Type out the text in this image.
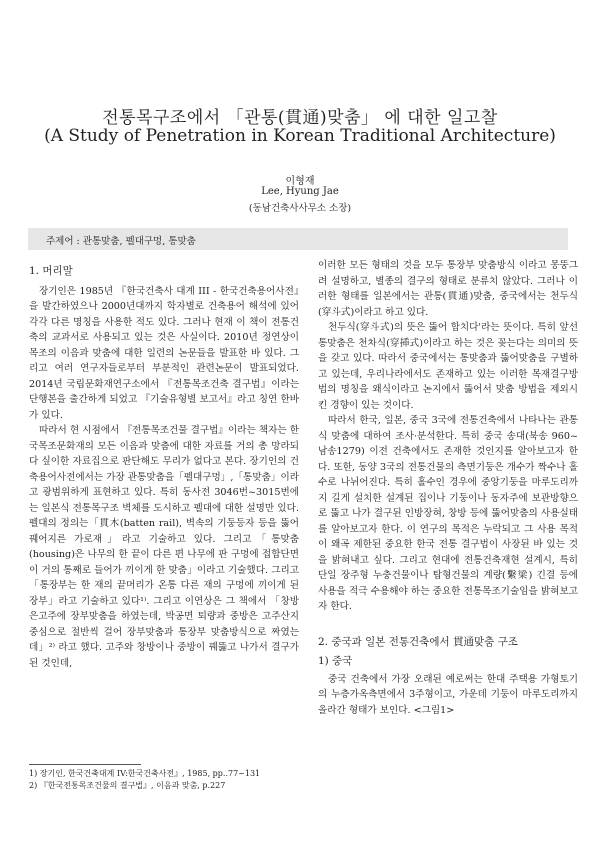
전통목구조에서 「관통(貫通)맞춤」 에 대한 일고찰
(A Study of Penetration in Korean Traditional Architecture)
이형재
Lee, Hyung Jae
(동남건축사사무소 소장)
주제어 : 관통맞춤, 펠대구멍, 통맞춤
1. 머리말

장기인은 1985년 『한국건축사 대계 III - 한국건축용어사전』을 발간하였으나 2000년대까지 학자별로 건축용어 해석에 있어 각각 다른 명칭을 사용한 적도 있다. 그러나 현재 이 책이 전통건축의 교과서로 사용되고 있는 것은 사실이다. 2010년 정연상이 목조의 이음과 맞춤에 대한 일련의 논문들을 발표한 바 있다. 그리고 여러 연구자들로부터 부분적인 관련논문이 발표되었다. 2014년 국립문화재연구소에서 『전통목조건축 결구법』이라는 단행본을 출간하게 되었고 『기술유형별 보고서』라고 칭연 한바가 있다.

따라서 현 시점에서 『전통목조건물 결구법』이라는 책자는 한국목조문화재의 모든 이음과 맞춤에 대한 자료를 거의 총 망라되다 싶이한 자료집으로 판단해도 무리가 없다고 본다. 장기인의 건축용어사전에서는 가장 관통맞춤을「펠대구멍」,「통맞춤」이라고 광범위하게 표현하고 있다. 특히 동사전 3046번~3015번에는 일본식 전통목구조 벽체를 도시하고 펠대에 대한 설명만 있다. 펠대의 정의는「貫木(batten rail), 벽속의 기둥등자 등을 뚫어 꿰어지른 가로재」라고 기술하고 있다. 그리고「통맞춤(housing)은 나무의 한 끝이 다른 편 나무에 판 구멍에 접합단면이 거의 통째로 들어가 끼이게 한 맞춤」이라고 기술했다. 그리고「통장부는 한 재의 끝머리가 온통 다른 재의 구멍에 끼이게 된 장부」라고 기술하고 있다¹⁾. 그리고 이연상은 그 책에서 「창방은고주에 장부맞춤을 하였는데, 박공면 퇴량과 중방은 고주산지 중심으로 절반씩 걸어 장부맞춤과 통장부 맞춤방식으로 짜였는데」²⁾ 라고 했다. 고주와 창방이나 중방이 꿰뚫고 나가서 결구가 된 것인데,

이러한 모든 형태의 것을 모두 통장부 맞춤방식 이라고 몽뚱그려 설명하고, 별종의 결구의 형태로 분류치 않았다. 그러나 이러한 형태를 일본에서는 관통(貫通)맞춤, 중국에서는 천두식(穿斗式)이라고 하고 있다.

천두식(穿斗式)의 뜻은 뚫어 합치다'라는 뜻이다. 특히 앞선 통맞춤은 천차식(穿揷式)이라고 하는 것은 꽂는다는 의미의 뜻을 갖고 있다. 따라서 중국에서는 통맞춤과 뚫어맞춤을 구별하고 있는데, 우리나라에서도 존재하고 있는 이러한 목재결구방법의 명칭을 왜식이라고 논지에서 뚫어서 맞춤 방법을 제외시킨 경향이 있는 것이다.

따라서 한국, 일본, 중국 3국에 전통건축에서 나타나는 관통식 맞춤에 대하여 조사·분석한다. 특히 중국 송대(북송 960~남송1279) 이전 건축에서도 존재한 것인지를 알아보고자 한다. 또한, 동양 3국의 전통건물의 측면기둥은 개수가 짝수나 홀수로 나뉘어진다. 특히 홀수인 경우에 중앙기둥을 마루도리까지 길게 설치한 설계된 집이나 기둥이나 동자주에 보관방향으로 뚫고 나가 결구된 인방장혀, 창방 등에 뚫어맞춤의 사용실태를 알아보고자 한다. 이 연구의 목적은 누락되고 그 사용 목적이 왜곡 제한된 중요한 한국 전통 결구법이 사장된 바 있는 것을 밝혀내고 싶다. 그리고 현대에 전통건축재현 설계시, 특히 단일 장주형 누충건물이나 탑형건물의 계량(繫梁) 긴결 등에 사용을 적극 수용해야 하는 중요한 전통목조기술임을 밝혀보고자 한다.

2. 중국과 일본 전통건축에서 貫通맞춤 구조
1) 중국

중국 건축에서 가장 오래된 예로써는 한대 주택용 가형토기의 누층가옥측면에서 3주형이고, 가운데 기둥이 마루도리까지 올라간 형태가 보인다. <그림1>

1) 장기인, 한국건축대계 IV:한국건축사전』, 1985, pp..77~131
2) 『한국전통목조건물의 결구법』, 이음과 맞춤, p.227
